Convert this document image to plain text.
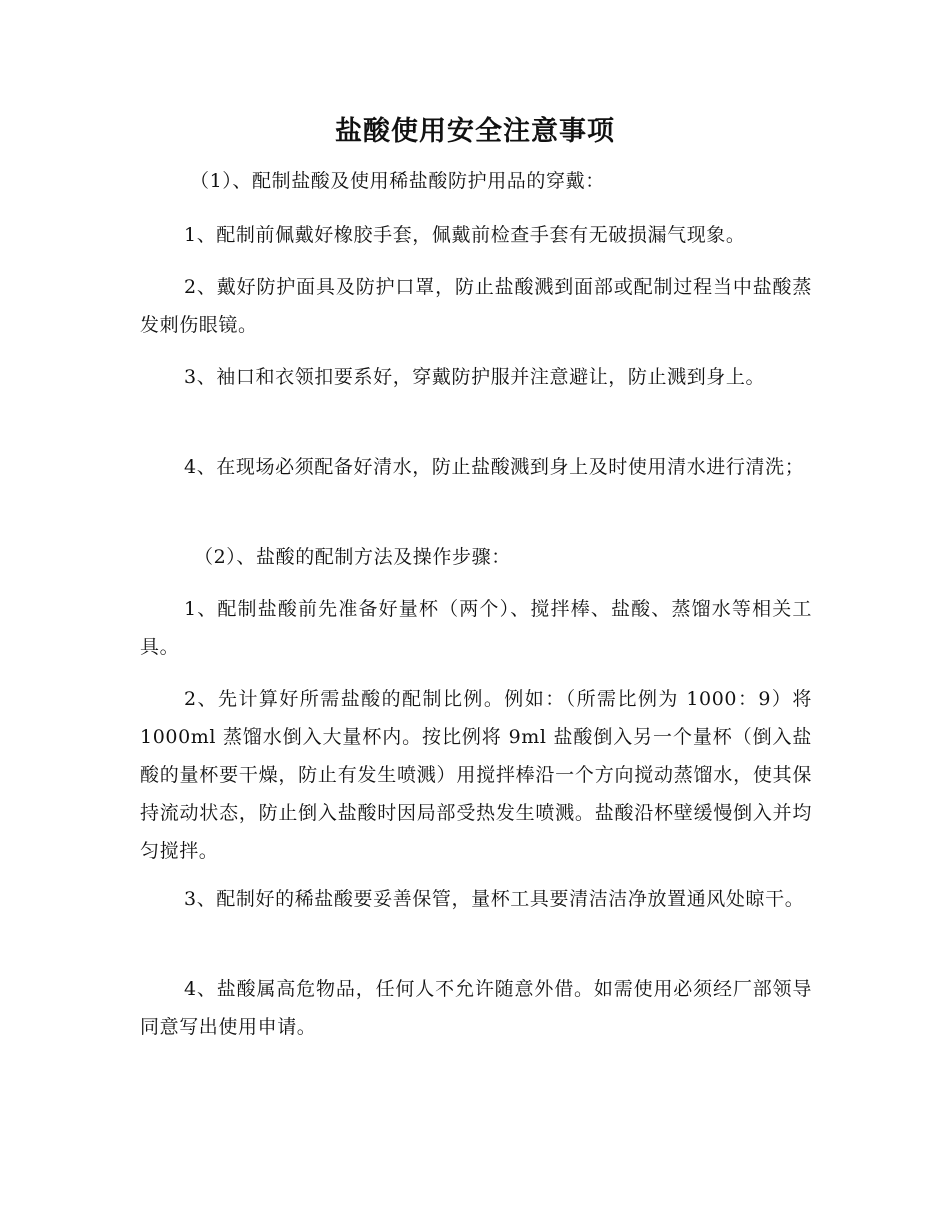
盐酸使用安全注意事项

（1）、配制盐酸及使用稀盐酸防护用品的穿戴：

1、配制前佩戴好橡胶手套，佩戴前检查手套有无破损漏气现象。

2、戴好防护面具及防护口罩，防止盐酸溅到面部或配制过程当中盐酸蒸发刺伤眼镜。

3、袖口和衣领扣要系好，穿戴防护服并注意避让，防止溅到身上。

4、在现场必须配备好清水，防止盐酸溅到身上及时使用清水进行清洗；

（2）、盐酸的配制方法及操作步骤：

1、配制盐酸前先准备好量杯（两个）、搅拌棒、盐酸、蒸馏水等相关工具。

2、先计算好所需盐酸的配制比例。例如：（所需比例为 1000：9）将 1000ml 蒸馏水倒入大量杯内。按比例将 9ml 盐酸倒入另一个量杯（倒入盐酸的量杯要干燥，防止有发生喷溅）用搅拌棒沿一个方向搅动蒸馏水，使其保持流动状态，防止倒入盐酸时因局部受热发生喷溅。盐酸沿杯壁缓慢倒入并均匀搅拌。

3、配制好的稀盐酸要妥善保管，量杯工具要清洁洁净放置通风处晾干。

4、盐酸属高危物品，任何人不允许随意外借。如需使用必须经厂部领导同意写出使用申请。
